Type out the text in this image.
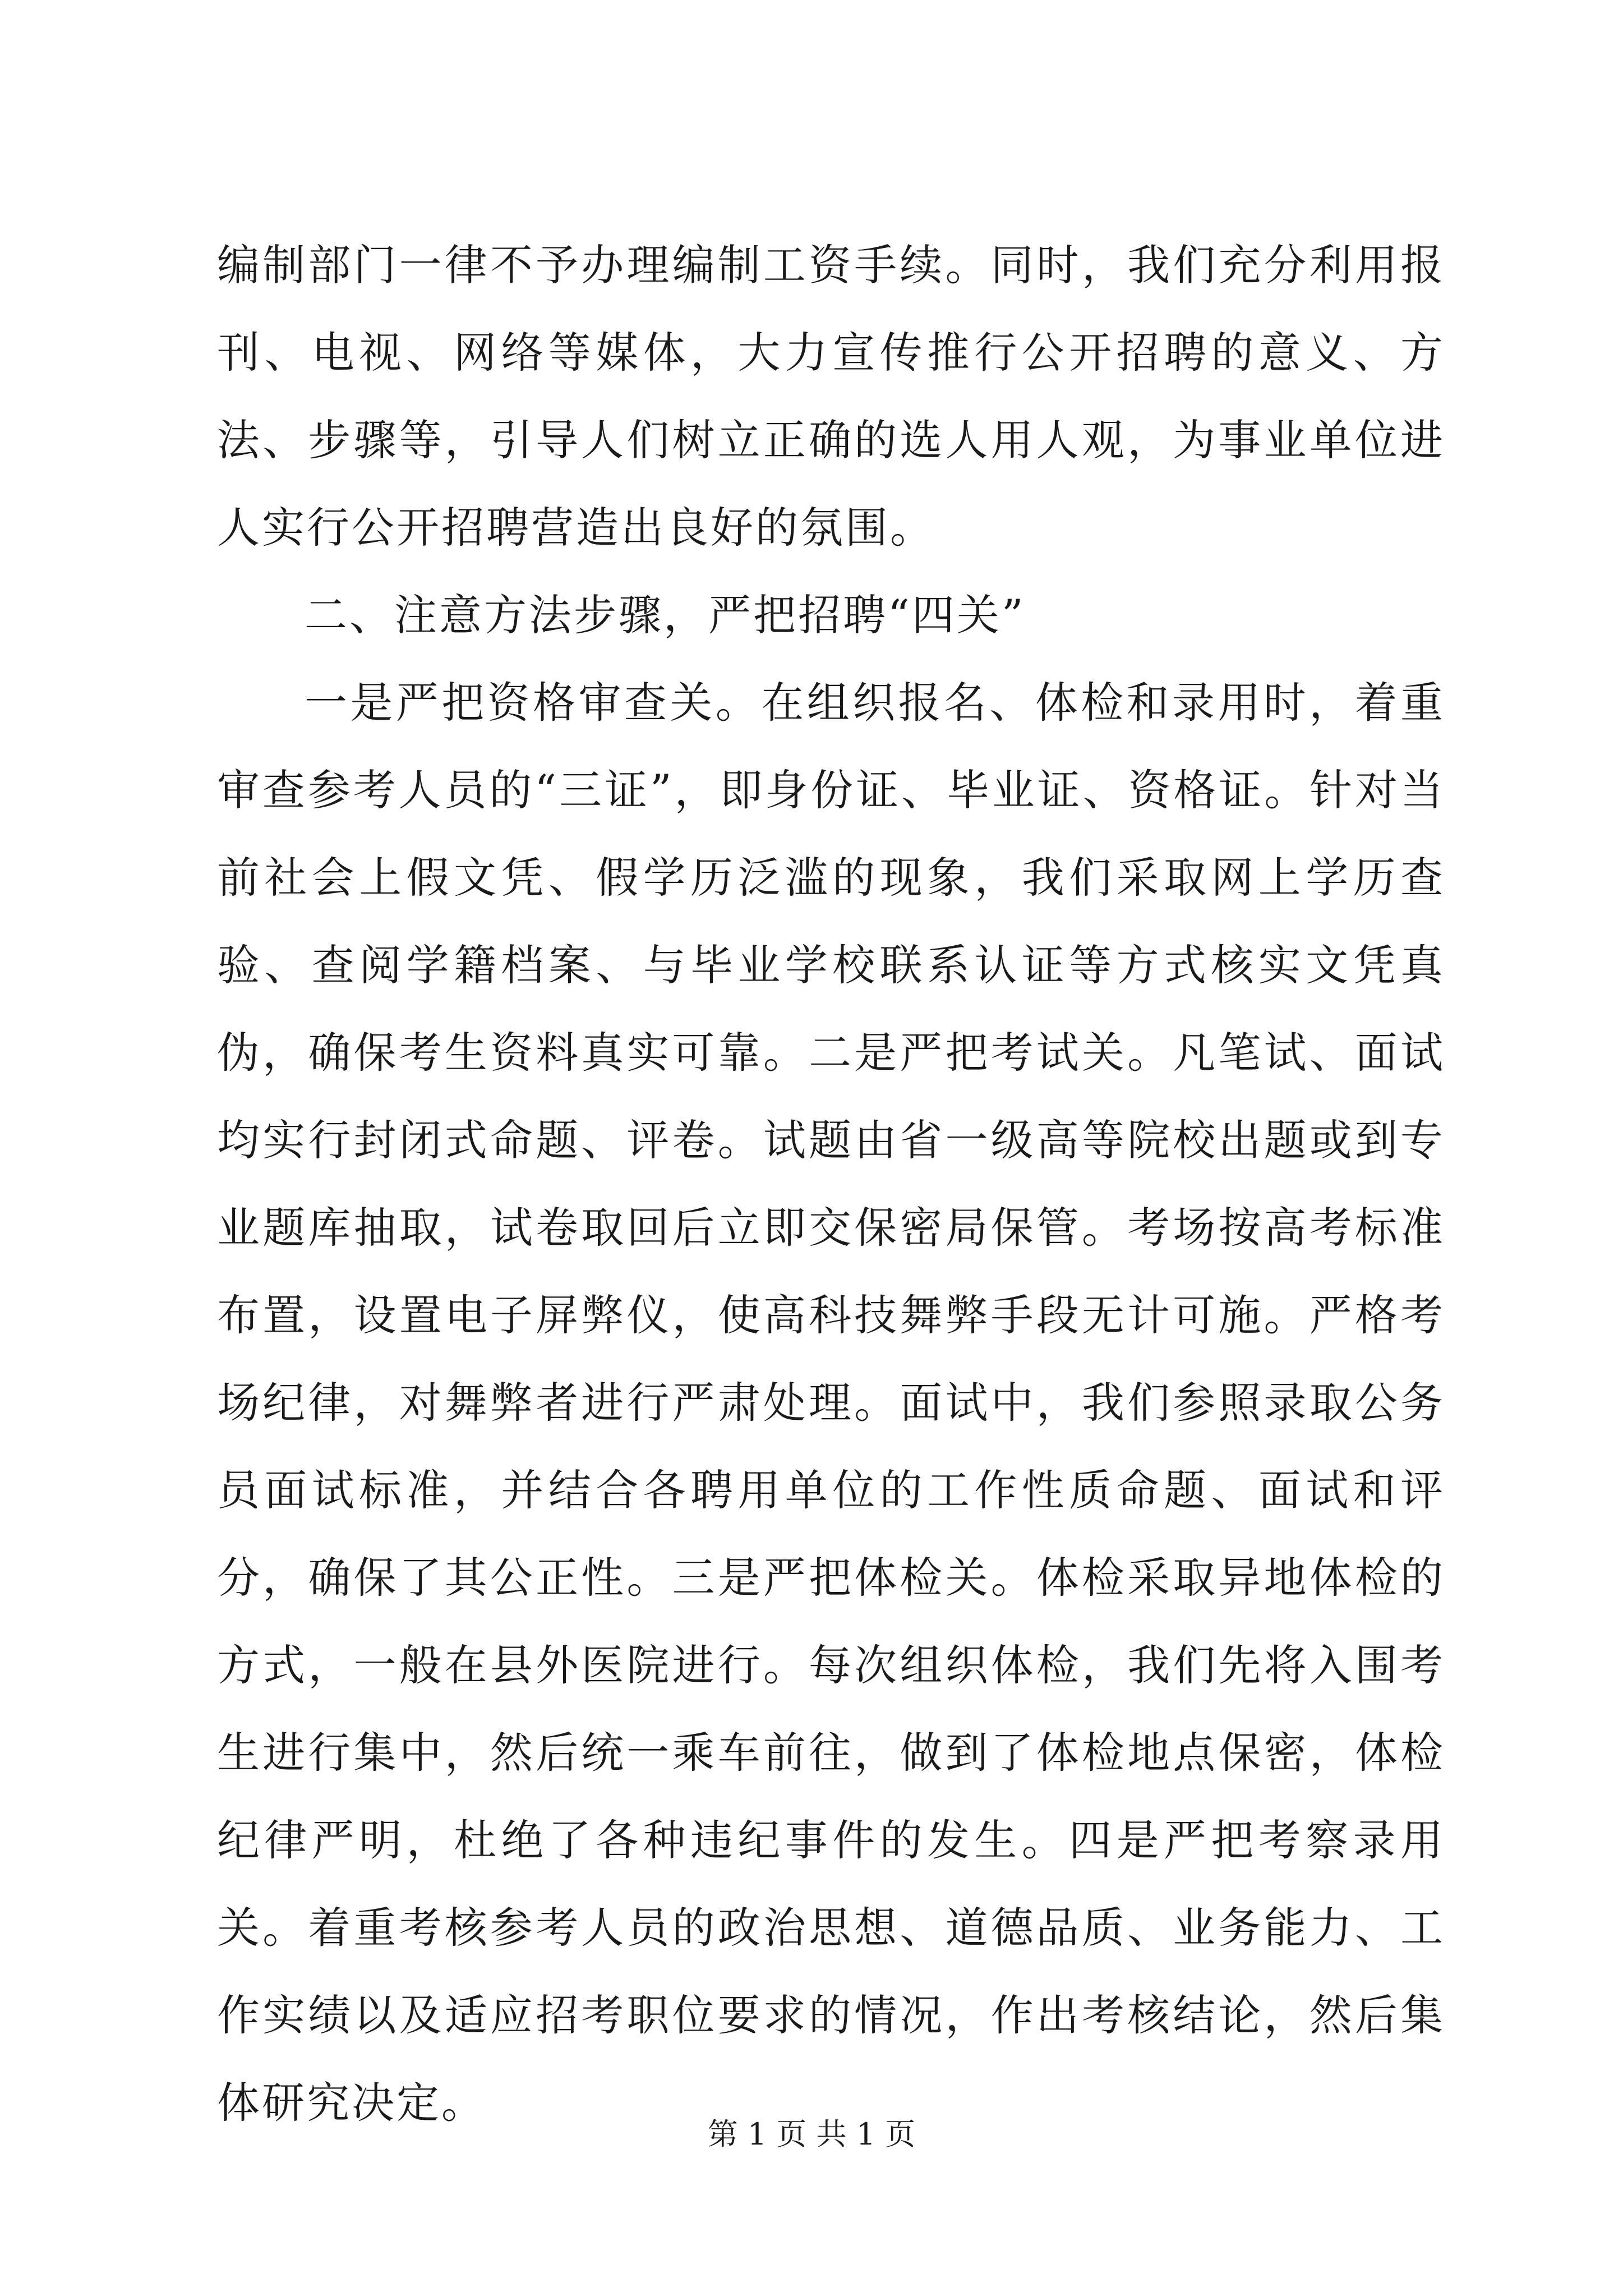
编制部门一律不予办理编制工资手续。同时，我们充分利用报刊、电视、网络等媒体，大力宣传推行公开招聘的意义、方法、步骤等，引导人们树立正确的选人用人观，为事业单位进人实行公开招聘营造出良好的氛围。

二、注意方法步骤，严把招聘“四关”

一是严把资格审查关。在组织报名、体检和录用时，着重审查参考人员的“三证”，即身份证、毕业证、资格证。针对当前社会上假文凭、假学历泛滥的现象，我们采取网上学历查验、查阅学籍档案、与毕业学校联系认证等方式核实文凭真伪，确保考生资料真实可靠。二是严把考试关。凡笔试、面试均实行封闭式命题、评卷。试题由省一级高等院校出题或到专业题库抽取，试卷取回后立即交保密局保管。考场按高考标准布置，设置电子屏弊仪，使高科技舞弊手段无计可施。严格考场纪律，对舞弊者进行严肃处理。面试中，我们参照录取公务员面试标准，并结合各聘用单位的工作性质命题、面试和评分，确保了其公正性。三是严把体检关。体检采取异地体检的方式，一般在县外医院进行。每次组织体检，我们先将入围考生进行集中，然后统一乘车前往，做到了体检地点保密，体检纪律严明，杜绝了各种违纪事件的发生。四是严把考察录用关。着重考核参考人员的政治思想、道德品质、业务能力、工作实绩以及适应招考职位要求的情况，作出考核结论，然后集体研究决定。

第 1 页 共 1 页
